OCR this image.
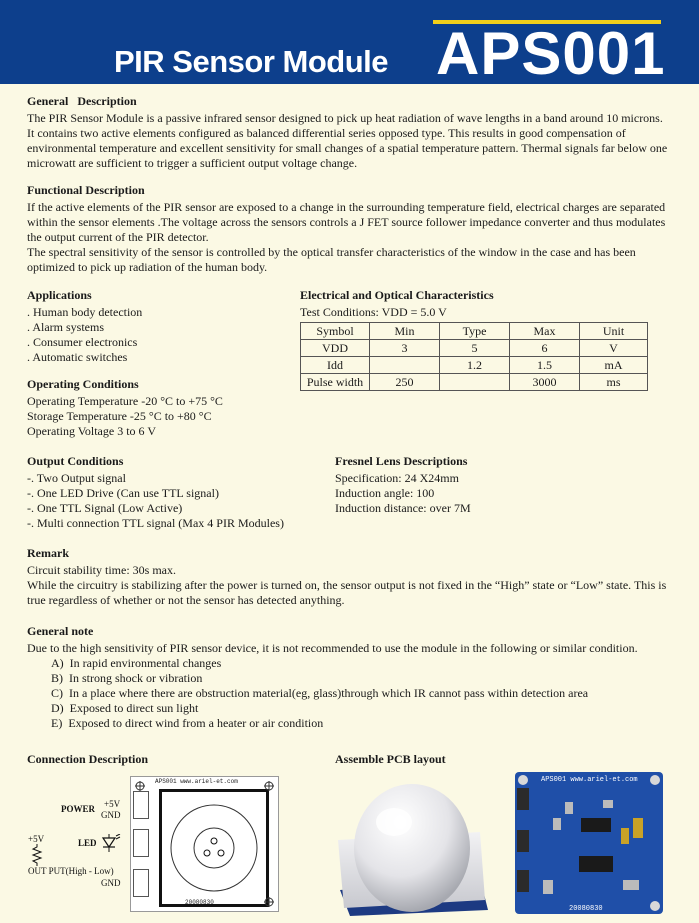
PIR Sensor Module APS001
General   Description

The PIR Sensor Module is a passive infrared sensor designed to pick up heat radiation of wave lengths in a band around 10 microns. It contains two active elements configured as balanced differential series opposed type. This results in good compensation of environmental temperature and excellent sensitivity for small changes of a spatial temperature pattern. Thermal signals far below one microwatt are sufficient to trigger a sufficient output voltage change.

Functional Description

If the active elements of the PIR sensor are exposed to a change in the surrounding temperature field, electrical charges are separated within the sensor elements .The voltage across the sensors controls a J FET source follower impedance converter and thus modulates the output current of the PIR detector.

The spectral sensitivity of the sensor is controlled by the optical transfer characteristics of the window in the case and has been optimized to pick up radiation of the human body.

Applications
. Human body detection
. Alarm systems
. Consumer electronics
. Automatic switches
Operating Conditions
Operating Temperature -20 °C to +75 °C
Storage Temperature -25 °C to +80 °C
Operating Voltage 3 to 6 V
Electrical and Optical Characteristics
Test Conditions: VDD = 5.0 V
Symbol	Min	Type	Max	Unit
VDD	3	5	6	V
Idd		1.2	1.5	mA
Pulse width	250		3000	ms
Output Conditions
-. Two Output signal
-. One LED Drive (Can use TTL signal)
-. One TTL Signal (Low Active)
-. Multi connection TTL signal (Max 4 PIR Modules)
Fresnel Lens Descriptions
Specification: 24 X24mm
Induction angle: 100
Induction distance: over 7M
Remark

Circuit stability time: 30s max.

While the circuitry is stabilizing after the power is turned on, the sensor output is not fixed in the “High” state or “Low” state. This is true regardless of whether or not the sensor has detected anything.

General note

Due to the high sensitivity of PIR sensor device, it is not recommended to use the module in the following or similar condition.

A)  In rapid environmental changes
B)  In strong shock or vibration
C)  In a place where there are obstruction material(eg, glass)through which IR cannot pass within detection area
D)  Exposed to direct sun light
E)  Exposed to direct wind from a heater or air condition
Connection Description
POWER +5V
GND
+5V	LED
OUT PUT(High - Low)
GND
APS001 www.ariel-et.com
20080830
Assemble PCB layout
APS001 www.ariel-et.com
20080830
